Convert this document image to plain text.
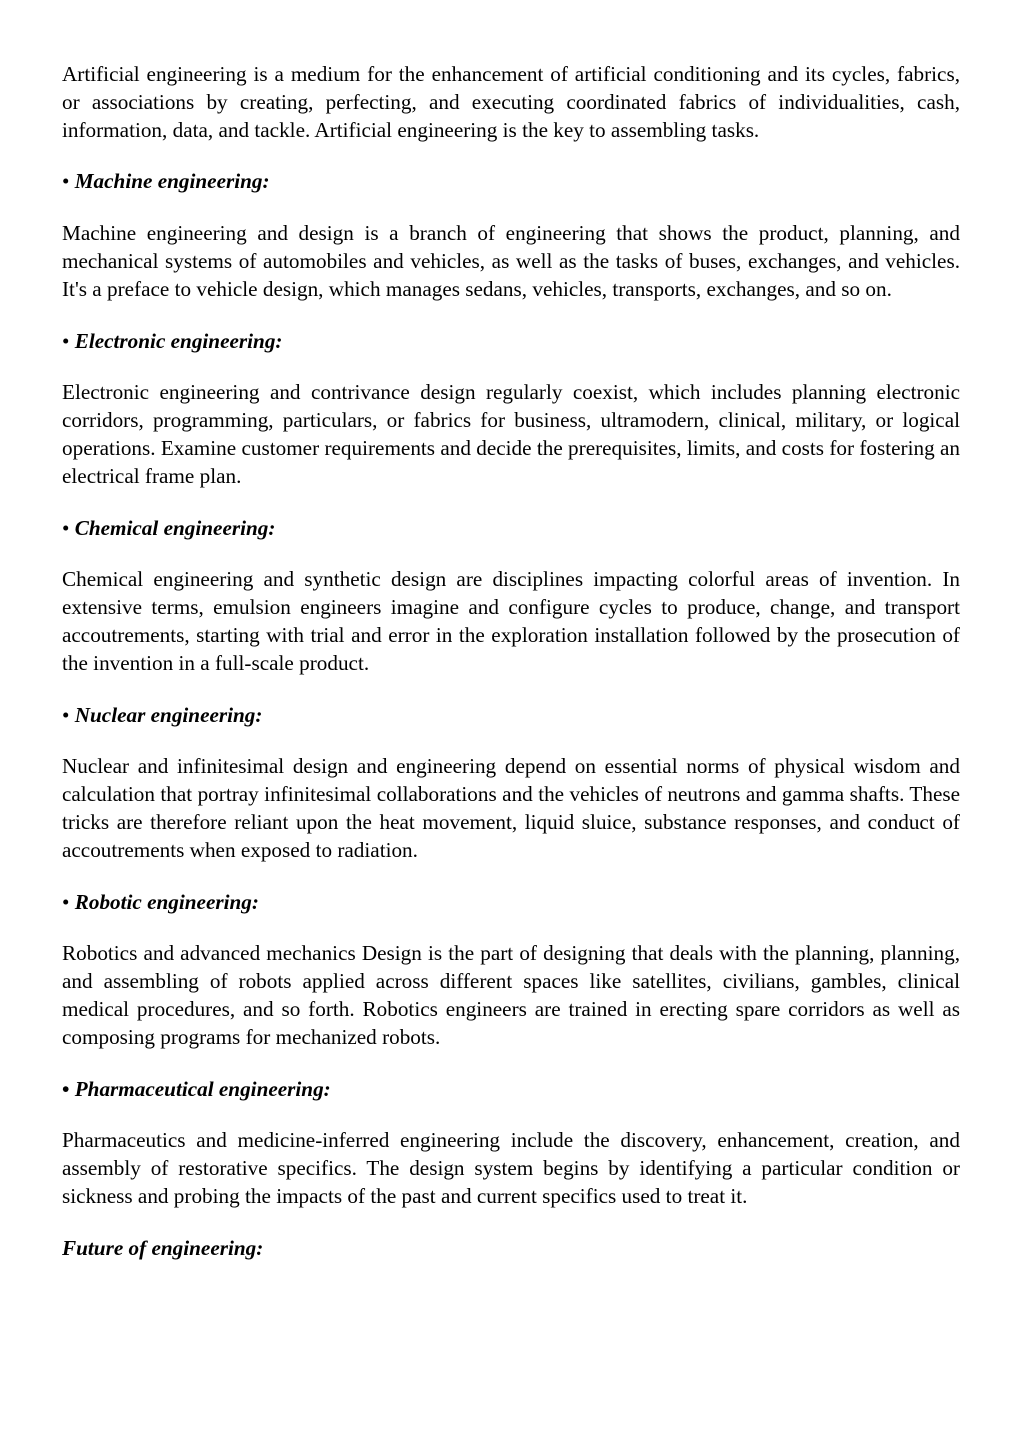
Artificial engineering is a medium for the enhancement of artificial conditioning and its cycles, fabrics, or associations by creating, perfecting, and executing coordinated fabrics of individualities, cash, information, data, and tackle. Artificial engineering is the key to assembling tasks.

• Machine engineering:

Machine engineering and design is a branch of engineering that shows the product, planning, and mechanical systems of automobiles and vehicles, as well as the tasks of buses, exchanges, and vehicles. It's a preface to vehicle design, which manages sedans, vehicles, transports, exchanges, and so on.

• Electronic engineering:

Electronic engineering and contrivance design regularly coexist, which includes planning electronic corridors, programming, particulars, or fabrics for business, ultramodern, clinical, military, or logical operations. Examine customer requirements and decide the prerequisites, limits, and costs for fostering an electrical frame plan.

• Chemical engineering:

Chemical engineering and synthetic design are disciplines impacting colorful areas of invention. In extensive terms, emulsion engineers imagine and configure cycles to produce, change, and transport accoutrements, starting with trial and error in the exploration installation followed by the prosecution of the invention in a full-scale product.

• Nuclear engineering:

Nuclear and infinitesimal design and engineering depend on essential norms of physical wisdom and calculation that portray infinitesimal collaborations and the vehicles of neutrons and gamma shafts. These tricks are therefore reliant upon the heat movement, liquid sluice, substance responses, and conduct of accoutrements when exposed to radiation.

• Robotic engineering:

Robotics and advanced mechanics Design is the part of designing that deals with the planning, planning, and assembling of robots applied across different spaces like satellites, civilians, gambles, clinical medical procedures, and so forth. Robotics engineers are trained in erecting spare corridors as well as composing programs for mechanized robots.

• Pharmaceutical engineering:

Pharmaceutics and medicine-inferred engineering include the discovery, enhancement, creation, and assembly of restorative specifics. The design system begins by identifying a particular condition or sickness and probing the impacts of the past and current specifics used to treat it.

Future of engineering:
